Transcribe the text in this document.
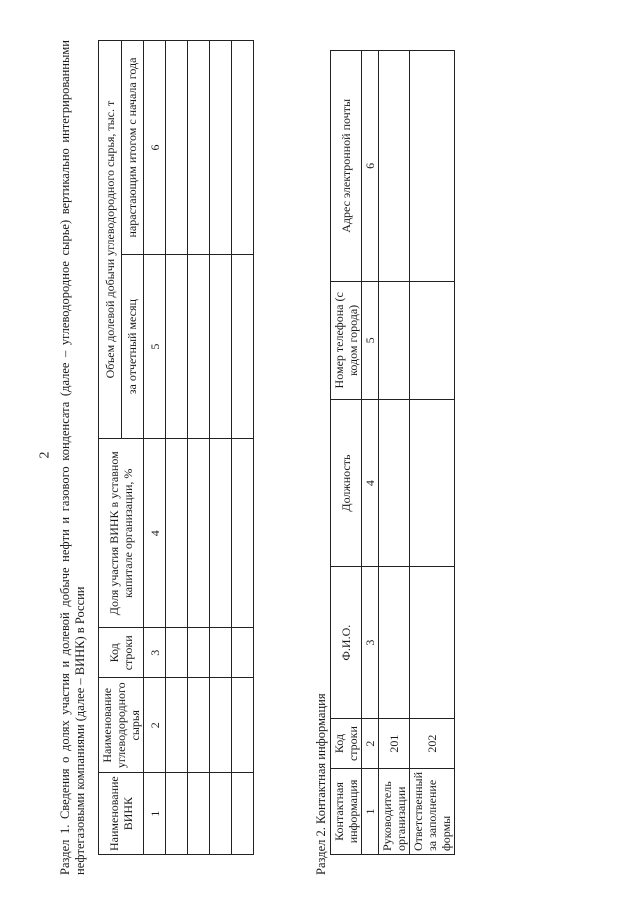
2 Раздел 1. Сведения о долях участия и долевой добыче нефти и газового конденсата (далее – углеводородное сырье) вертикально интегрированными нефтегазовыми компаниями (далее – ВИНК) в России Наименование ВИНК	Наименование углеводородного сырья	Код строки	Доля участия ВИНК в уставном капитале организации, %	Объем долевой добычи углеводородного сырья, тыс. т	
				за отчетный месяц	нарастающим итогом с начала года
1	2	3	4	5	6

Раздел 2. Контактная информация Контактная информация	Код строки	Ф.И.О.	Должность	Номер телефона (с кодом города)	Адрес электронной почты
1	2	3	4	5	6
Руководитель организации	201				
Ответственный за заполнение формы	202				
